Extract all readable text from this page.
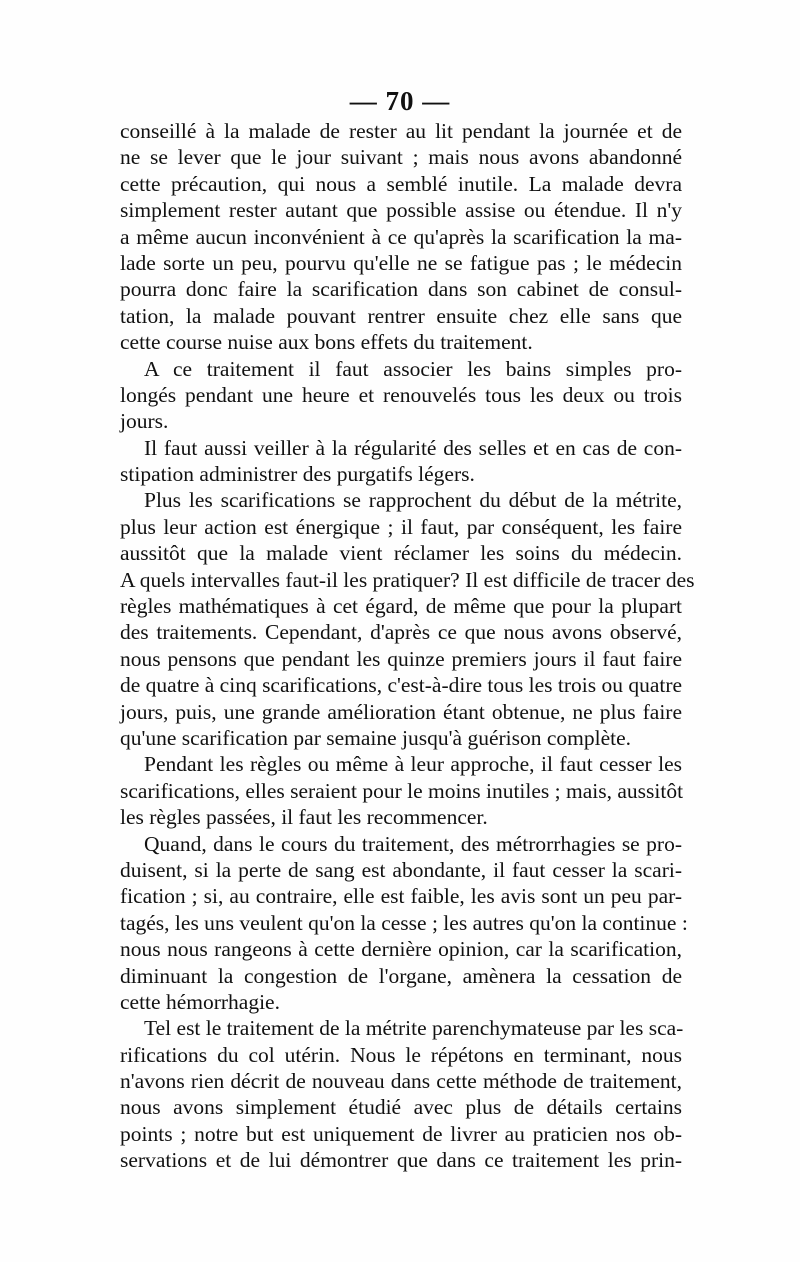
— 70 —
conseillé à la malade de rester au lit pendant la journée et de
ne se lever que le jour suivant ; mais nous avons abandonné
cette précaution, qui nous a semblé inutile. La malade devra
simplement rester autant que possible assise ou étendue. Il n'y
a même aucun inconvénient à ce qu'après la scarification la ma-
lade sorte un peu, pourvu qu'elle ne se fatigue pas ; le médecin
pourra donc faire la scarification dans son cabinet de consul-
tation, la malade pouvant rentrer ensuite chez elle sans que
cette course nuise aux bons effets du traitement.
A ce traitement il faut associer les bains simples pro-
longés pendant une heure et renouvelés tous les deux ou trois
jours.
Il faut aussi veiller à la régularité des selles et en cas de con-
stipation administrer des purgatifs légers.
Plus les scarifications se rapprochent du début de la métrite,
plus leur action est énergique ; il faut, par conséquent, les faire
aussitôt que la malade vient réclamer les soins du médecin.
A quels intervalles faut-il les pratiquer? Il est difficile de tracer des
règles mathématiques à cet égard, de même que pour la plupart
des traitements. Cependant, d'après ce que nous avons observé,
nous pensons que pendant les quinze premiers jours il faut faire
de quatre à cinq scarifications, c'est-à-dire tous les trois ou quatre
jours, puis, une grande amélioration étant obtenue, ne plus faire
qu'une scarification par semaine jusqu'à guérison complète.
Pendant les règles ou même à leur approche, il faut cesser les
scarifications, elles seraient pour le moins inutiles ; mais, aussitôt
les règles passées, il faut les recommencer.
Quand, dans le cours du traitement, des métrorrhagies se pro-
duisent, si la perte de sang est abondante, il faut cesser la scari-
fication ; si, au contraire, elle est faible, les avis sont un peu par-
tagés, les uns veulent qu'on la cesse ; les autres qu'on la continue :
nous nous rangeons à cette dernière opinion, car la scarification,
diminuant la congestion de l'organe, amènera la cessation de
cette hémorrhagie.
Tel est le traitement de la métrite parenchymateuse par les sca-
rifications du col utérin. Nous le répétons en terminant, nous
n'avons rien décrit de nouveau dans cette méthode de traitement,
nous avons simplement étudié avec plus de détails certains
points ; notre but est uniquement de livrer au praticien nos ob-
servations et de lui démontrer que dans ce traitement les prin-
